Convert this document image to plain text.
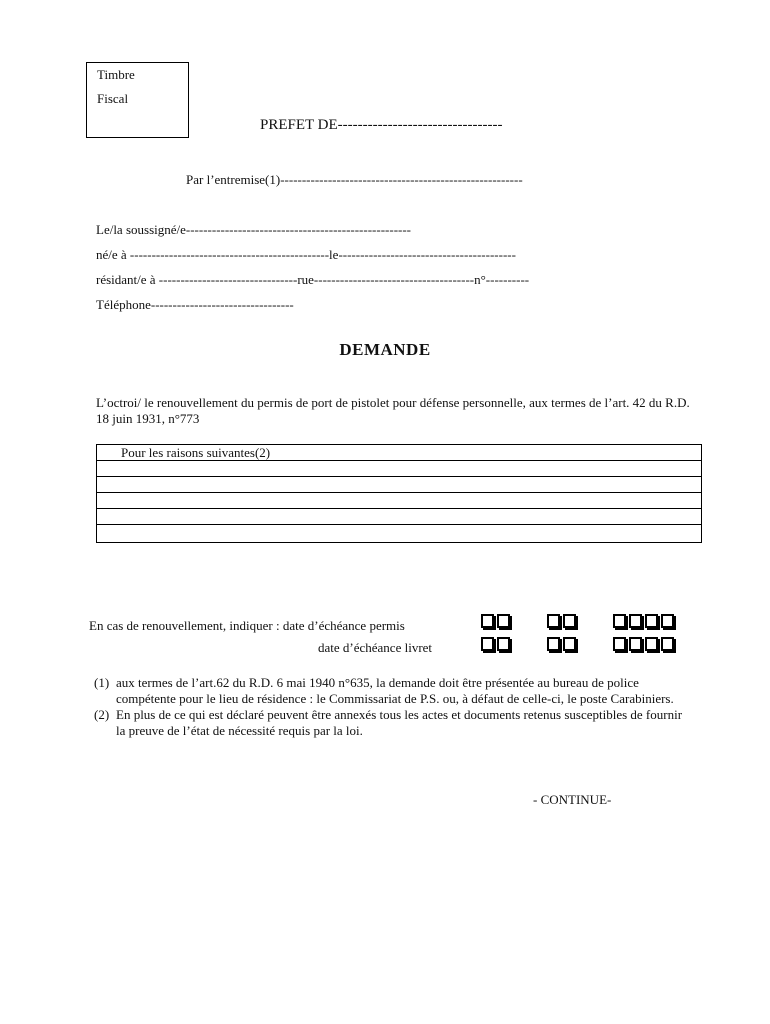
Timbre
Fiscal
PREFET DE---------------------------------
Par l’entremise(1)--------------------------------------------------------
Le/la soussigné/e----------------------------------------------------
né/e à ----------------------------------------------le-----------------------------------------
résidant/e à --------------------------------rue-------------------------------------n°----------
Téléphone---------------------------------
DEMANDE
L’octroi/ le renouvellement du permis de port de pistolet pour défense personnelle, aux termes de l’art. 42 du R.D. 18 juin 1931, n°773
Pour les raisons suivantes(2)
En cas de renouvellement, indiquer : date d’échéance permis
date d’échéance livret
(1) aux termes de l’art.62 du R.D. 6 mai 1940 n°635, la demande doit être présentée au bureau de police compétente pour le lieu de résidence : le Commissariat de P.S. ou, à défaut de celle-ci, le poste Carabiniers.
(2) En plus de ce qui est déclaré peuvent être annexés tous les actes et documents retenus susceptibles de fournir la preuve de l’état de nécessité requis par la loi.
- CONTINUE-
